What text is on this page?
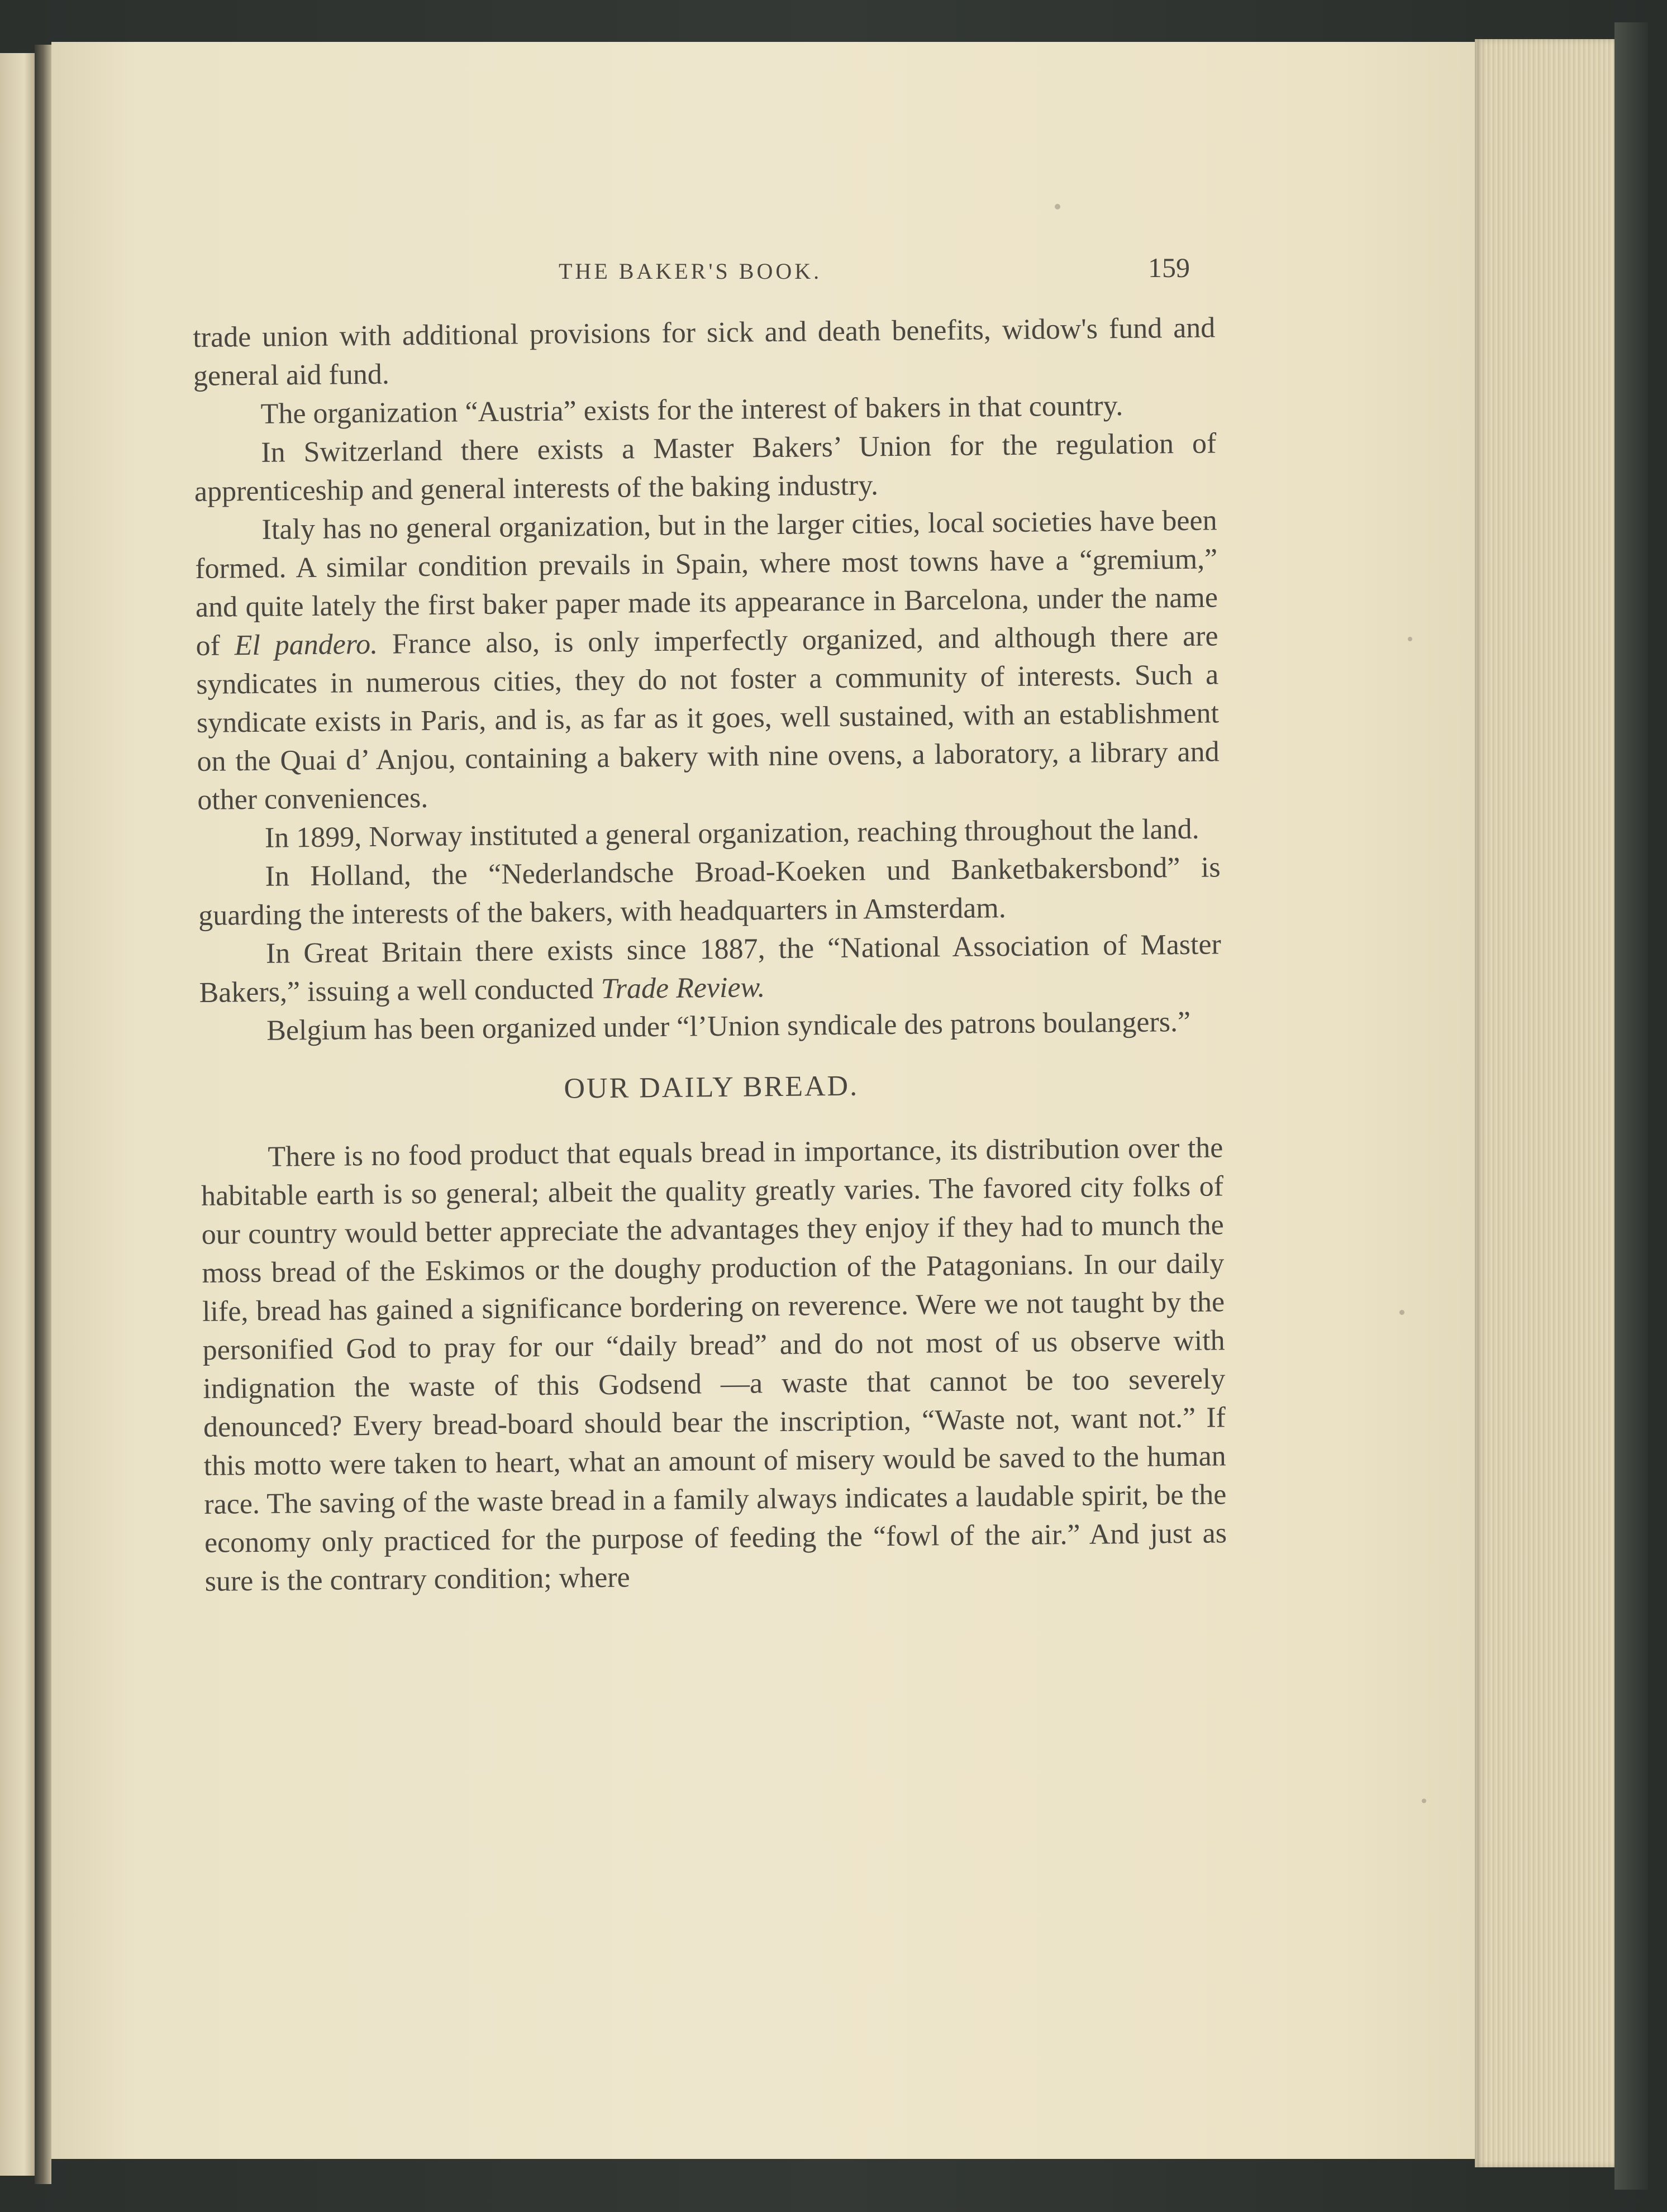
THE BAKER'S BOOK.	159

trade union with additional provisions for sick and death benefits, widow's fund and general aid fund.

The organization “Austria” exists for the interest of bakers in that country.

In Switzerland there exists a Master Bakers’ Union for the regulation of apprenticeship and general interests of the baking industry.

Italy has no general organization, but in the larger cities, local societies have been formed. A similar condition prevails in Spain, where most towns have a “gremium,” and quite lately the first baker paper made its appearance in Barcelona, under the name of El pandero. France also, is only imperfectly organized, and although there are syndicates in numerous cities, they do not foster a community of interests. Such a syndicate exists in Paris, and is, as far as it goes, well sustained, with an establishment on the Quai d’ Anjou, containing a bakery with nine ovens, a laboratory, a library and other conveniences.

In 1899, Norway instituted a general organization, reaching throughout the land.

In Holland, the “Nederlandsche Broad-Koeken und Banketbakersbond” is guarding the interests of the bakers, with headquarters in Amsterdam.

In Great Britain there exists since 1887, the “National Association of Master Bakers,” issuing a well conducted Trade Review.

Belgium has been organized under “l’Union syndicale des patrons boulangers.”

OUR DAILY BREAD.

There is no food product that equals bread in importance, its distribution over the habitable earth is so general; albeit the quality greatly varies. The favored city folks of our country would better appreciate the advantages they enjoy if they had to munch the moss bread of the Eskimos or the doughy production of the Patagonians. In our daily life, bread has gained a significance bordering on reverence. Were we not taught by the personified God to pray for our “daily bread” and do not most of us observe with indignation the waste of this Godsend —a waste that cannot be too severely denounced? Every bread-board should bear the inscription, “Waste not, want not.” If this motto were taken to heart, what an amount of misery would be saved to the human race. The saving of the waste bread in a family always indicates a laudable spirit, be the economy only practiced for the purpose of feeding the “fowl of the air.” And just as sure is the contrary condition; where
